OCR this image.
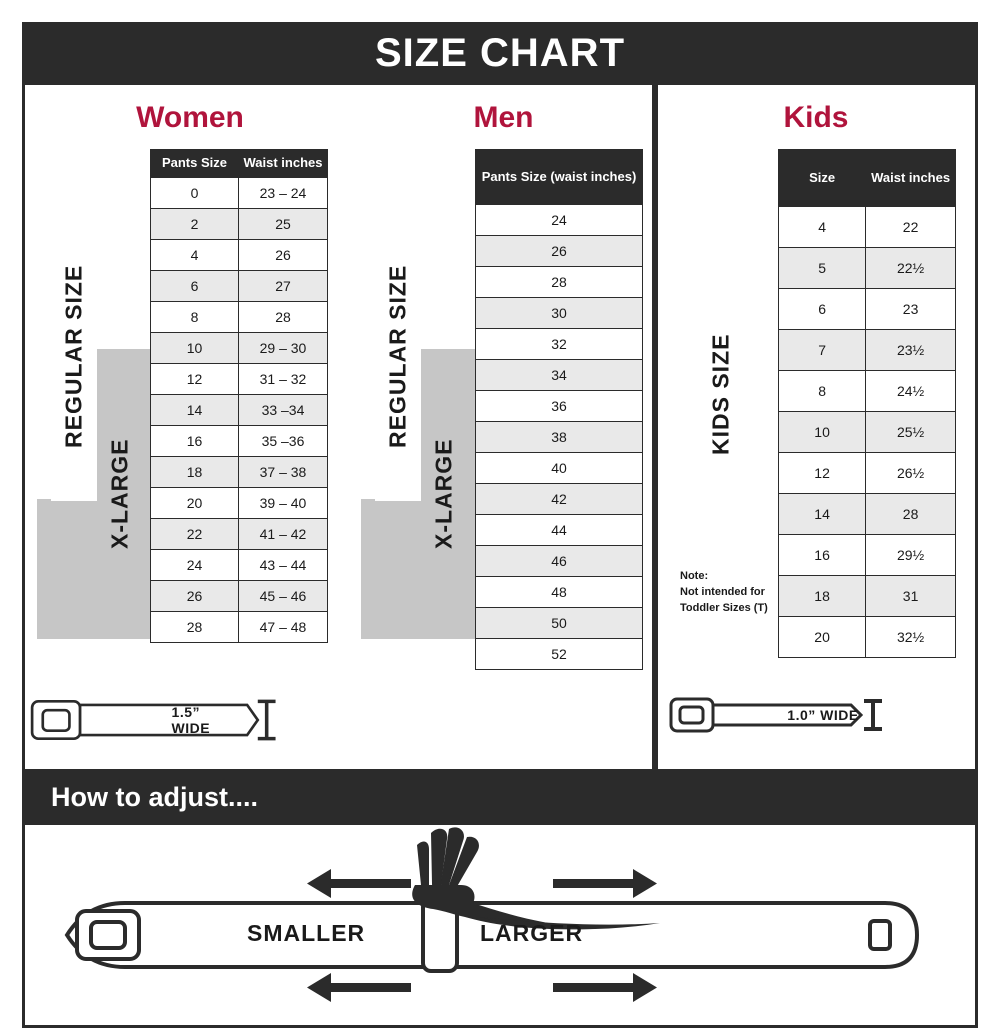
SIZE CHART
Women
REGULAR SIZE
X-LARGE
Pants Size	Waist inches
0	23 – 24
2	25
4	26
6	27
8	28
10	29 – 30
12	31 – 32
14	33 –34
16	35 –36
18	37 – 38
20	39 – 40
22	41 – 42
24	43 – 44
26	45 – 46
28	47 – 48
1.5” WIDE
Men
REGULAR SIZE
X-LARGE
Pants Size (waist inches)
24
26
28
30
32
34
36
38
40
42
44
46
48
50
52
Kids
KIDS SIZE
Note:
Not intended for
Toddler Sizes (T)
Size	Waist inches
4	22
5	22½
6	23
7	23½
8	24½
10	25½
12	26½
14	28
16	29½
18	31
20	32½
1.0” WIDE
How to adjust....
SMALLER	LARGER
